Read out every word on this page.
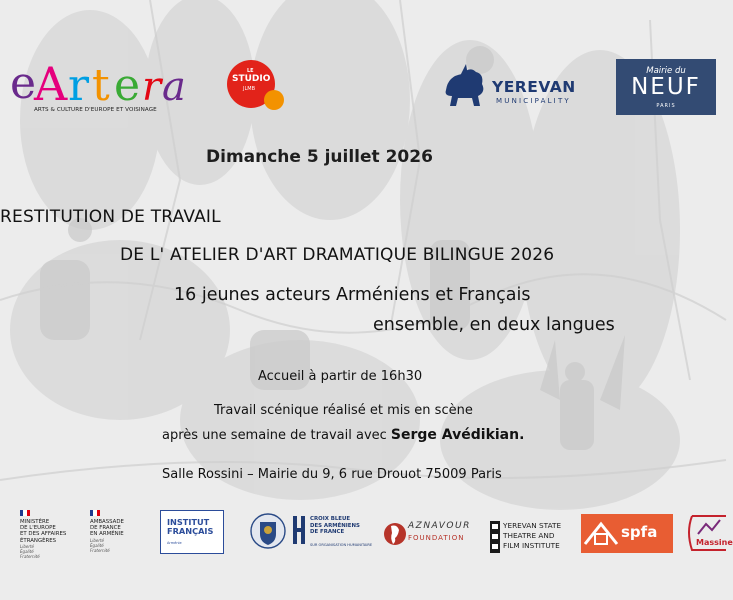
e
A r t e r a
ARTS & CULTURE D'EUROPE ET VOISINAGE
LE
STUDIO
JLMB	YEREVAN
MUNICIPALITY
Mairie du
NEUF
PARIS
Dimanche 5 juillet 2026
RESTITUTION DE TRAVAIL
DE L' ATELIER D'ART DRAMATIQUE BILINGUE 2026
16 jeunes acteurs Arméniens et Français
ensemble, en deux langues
Accueil à partir de 16h30
Travail scénique réalisé et mis en scène
après une semaine de travail avec Serge Avédikian.
Salle Rossini – Mairie du 9, 6 rue Drouot 75009 Paris
MINISTÈRE
DE L'EUROPE
ET DES AFFAIRES
ÉTRANGÈRES
Liberté
Égalité
Fraternité
AMBASSADE
DE FRANCE
EN ARMÉNIE
Liberté
Égalité
Fraternité
INSTITUT
FRANÇAIS
Arménie
CROIX BLEUE
DES ARMÉNIENS
DE FRANCE
SUR ORGANISATION HUMANITAIRE
AZNAVOUR
FOUNDATION
YEREVAN STATE
THEATRE AND
FILM INSTITUTE
spfa
Massine
